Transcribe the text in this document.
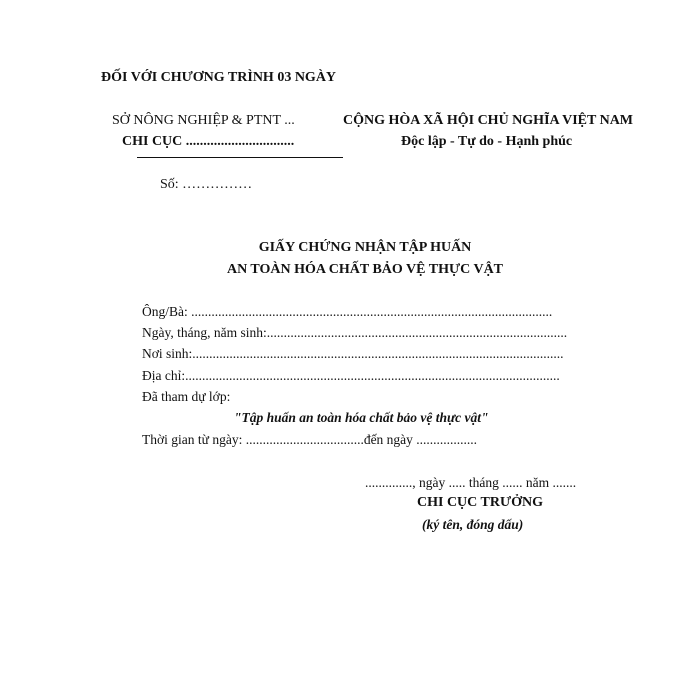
ĐỐI VỚI CHƯƠNG TRÌNH 03 NGÀY
SỞ NÔNG NGHIỆP & PTNT ...
CHI CỤC ...............................
CỘNG HÒA XÃ HỘI CHỦ NGHĨA VIỆT NAM
Độc lập - Tự do - Hạnh phúc
Số: ……………
GIẤY CHỨNG NHẬN TẬP HUẤN
AN TOÀN HÓA CHẤT BẢO VỆ THỰC VẬT
Ông/Bà: ...........................................................................................................
Ngày, tháng, năm sinh:.........................................................................................
Nơi sinh:..............................................................................................................
Địa chỉ:...............................................................................................................
Đã tham dự lớp:
"Tập huấn an toàn hóa chất bảo vệ thực vật"
Thời gian từ ngày: ...................................đến ngày ..................
.............., ngày ..... tháng ...... năm .......
CHI CỤC TRƯỞNG
(ký tên, đóng dấu)
